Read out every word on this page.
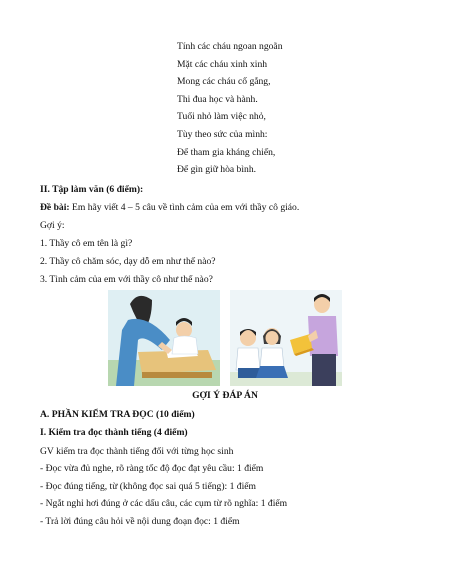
Tính các cháu ngoan ngoãn
Mặt các cháu xinh xinh
Mong các cháu cố gắng,
Thi đua học và hành.
Tuổi nhỏ làm việc nhỏ,
Tùy theo sức của mình:
Để tham gia kháng chiến,
Để gìn giữ hòa bình.
II. Tập làm văn (6 điểm):
Đề bài: Em hãy viết 4 – 5 câu về tình cảm của em với thầy cô giáo.
Gợi ý:
1. Thầy cô em tên là gì?
2. Thầy cô chăm sóc, dạy dỗ em như thế nào?
3. Tình cảm của em với thầy cô như thế nào?
GỢI Ý ĐÁP ÁN
A. PHẦN KIỂM TRA ĐỌC (10 điểm)
I. Kiểm tra đọc thành tiếng (4 điểm)
GV kiểm tra đọc thành tiếng đối với từng học sinh
- Đọc vừa đủ nghe, rõ ràng tốc độ đọc đạt yêu cầu: 1 điểm
- Đọc đúng tiếng, từ (không đọc sai quá 5 tiếng): 1 điểm
- Ngắt nghỉ hơi đúng ở các dấu câu, các cụm từ rõ nghĩa: 1 điểm
- Trả lời đúng câu hỏi về nội dung đoạn đọc: 1 điểm
